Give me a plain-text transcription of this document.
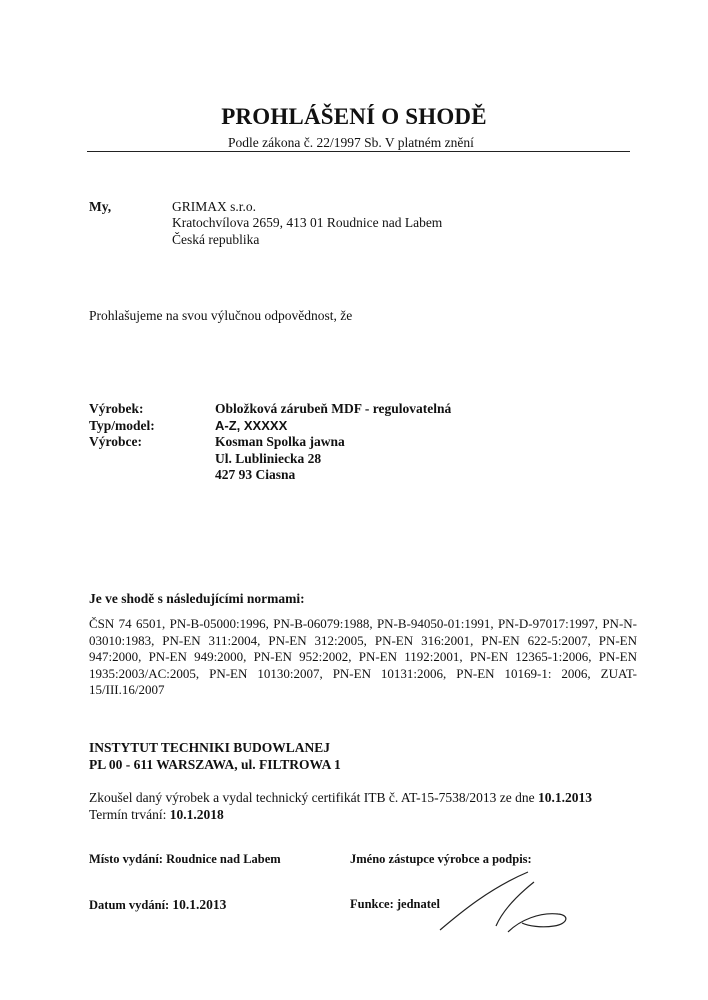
PROHLÁŠENÍ O SHODĚ
Podle zákona č. 22/1997 Sb. V platném znění
My,	GRIMAX s.r.o.
Kratochvílova 2659, 413 01 Roudnice nad Labem
Česká republika
Prohlašujeme na svou výlučnou odpovědnost, že
Výrobek:	Obložková zárubeň MDF - regulovatelná
Typ/model:	A-Z, XXXXX
Výrobce:	Kosman Spolka jawna
Ul. Lubliniecka 28
427 93 Ciasna
Je ve shodě s následujícími normami:
ČSN 74 6501, PN-B-05000:1996, PN-B-06079:1988, PN-B-94050-01:1991, PN-D-97017:1997, PN-N-03010:1983, PN-EN 311:2004, PN-EN 312:2005, PN-EN 316:2001, PN-EN 622-5:2007, PN-EN 947:2000, PN-EN 949:2000, PN-EN 952:2002, PN-EN 1192:2001, PN-EN 12365-1:2006, PN-EN 1935:2003/AC:2005, PN-EN 10130:2007, PN-EN 10131:2006, PN-EN 10169-1: 2006, ZUAT-15/III.16/2007
INSTYTUT TECHNIKI BUDOWLANEJ
PL 00 - 611 WARSZAWA, ul. FILTROWA 1
Zkoušel daný výrobek a vydal technický certifikát ITB č. AT-15-7538/2013 ze dne 10.1.2013
Termín trvání: 10.1.2018
Místo vydání: Roudnice nad Labem	Jméno zástupce výrobce a podpis:
Datum vydání: 10.1.2013	Funkce: jednatel
